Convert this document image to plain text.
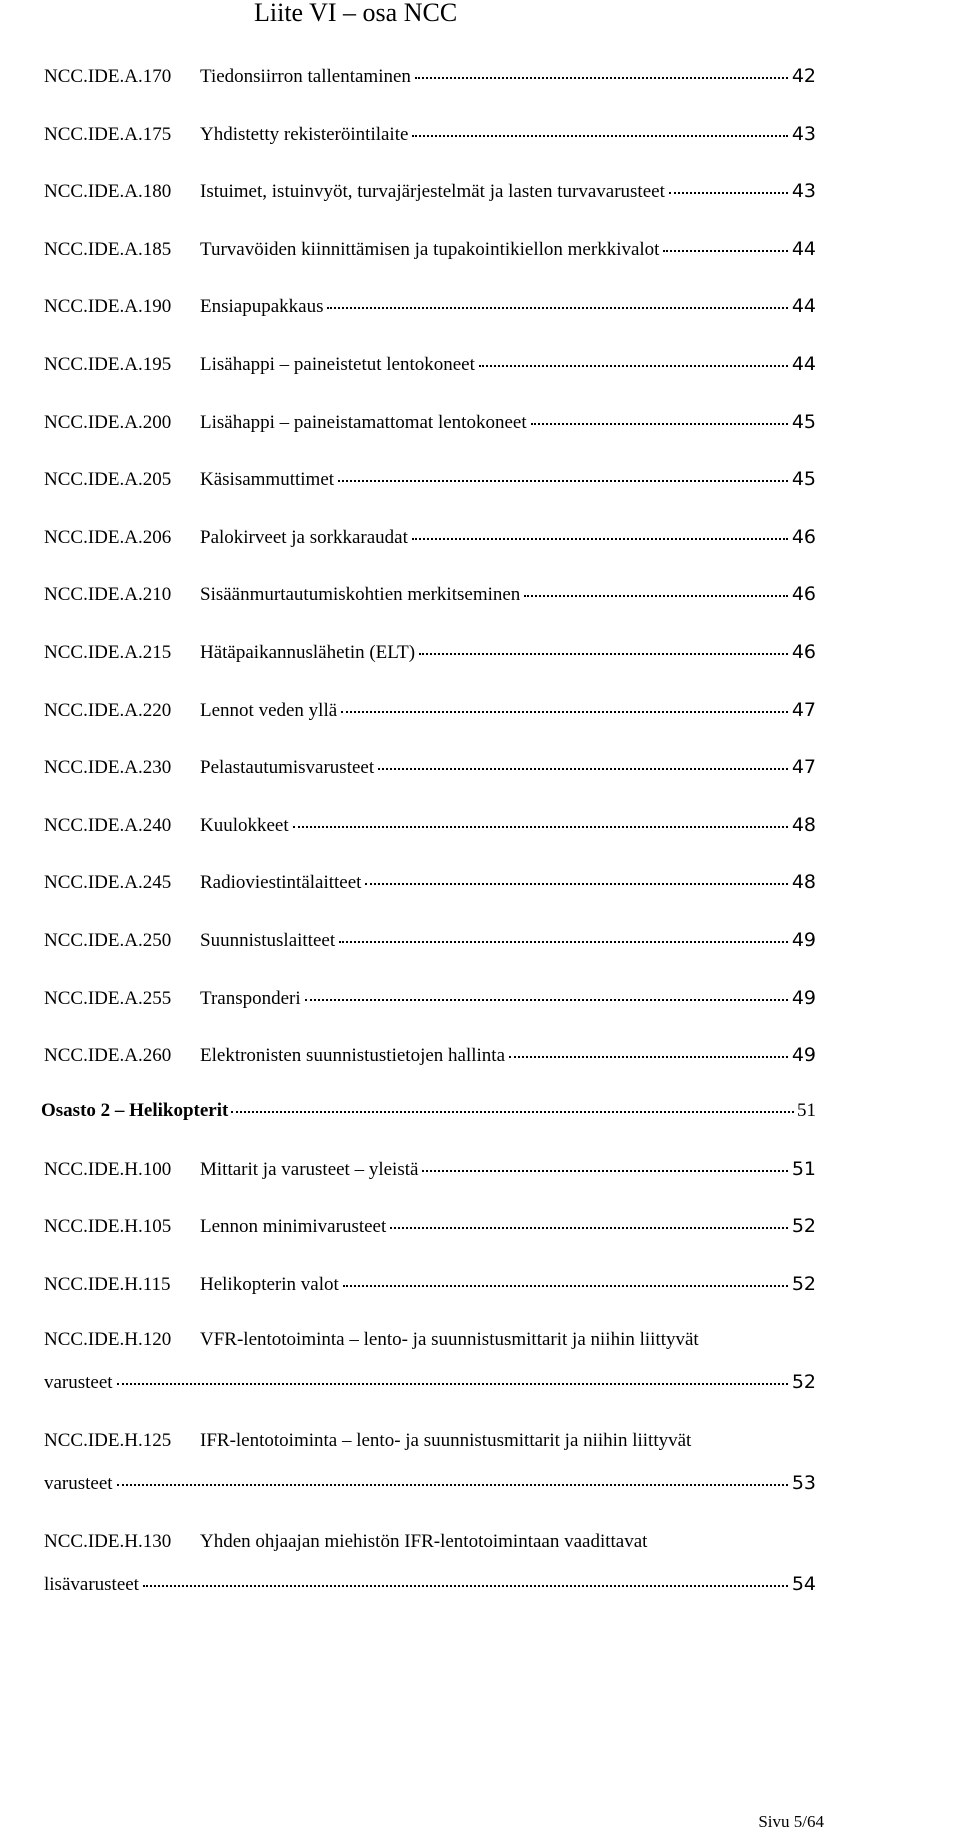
Liite VI – osa NCC
NCC.IDE.A.170 Tiedonsiirron tallentaminen	42
NCC.IDE.A.175 Yhdistetty rekisteröintilaite	43
NCC.IDE.A.180 Istuimet, istuinvyöt, turvajärjestelmät ja lasten turvavarusteet	43
NCC.IDE.A.185 Turvavöiden kiinnittämisen ja tupakointikiellon merkkivalot	44
NCC.IDE.A.190 Ensiapupakkaus	44
NCC.IDE.A.195 Lisähappi – paineistetut lentokoneet	44
NCC.IDE.A.200 Lisähappi – paineistamattomat lentokoneet	45
NCC.IDE.A.205 Käsisammuttimet	45
NCC.IDE.A.206 Palokirveet ja sorkkaraudat	46
NCC.IDE.A.210 Sisäänmurtautumiskohtien merkitseminen	46
NCC.IDE.A.215 Hätäpaikannuslähetin (ELT)	46
NCC.IDE.A.220 Lennot veden yllä	47
NCC.IDE.A.230 Pelastautumisvarusteet	47
NCC.IDE.A.240 Kuulokkeet	48
NCC.IDE.A.245 Radioviestintälaitteet	48
NCC.IDE.A.250 Suunnistuslaitteet	49
NCC.IDE.A.255 Transponderi	49
NCC.IDE.A.260 Elektronisten suunnistustietojen hallinta	49
Osasto 2 – Helikopterit	51
NCC.IDE.H.100 Mittarit ja varusteet – yleistä	51
NCC.IDE.H.105 Lennon minimivarusteet	52
NCC.IDE.H.115 Helikopterin valot	52
NCC.IDE.H.120 VFR-lentotoiminta – lento- ja suunnistusmittarit ja niihin liittyvät
varusteet	52
NCC.IDE.H.125 IFR-lentotoiminta – lento- ja suunnistusmittarit ja niihin liittyvät
varusteet	53
NCC.IDE.H.130 Yhden ohjaajan miehistön IFR-lentotoimintaan vaadittavat
lisävarusteet	54
Sivu 5/64
